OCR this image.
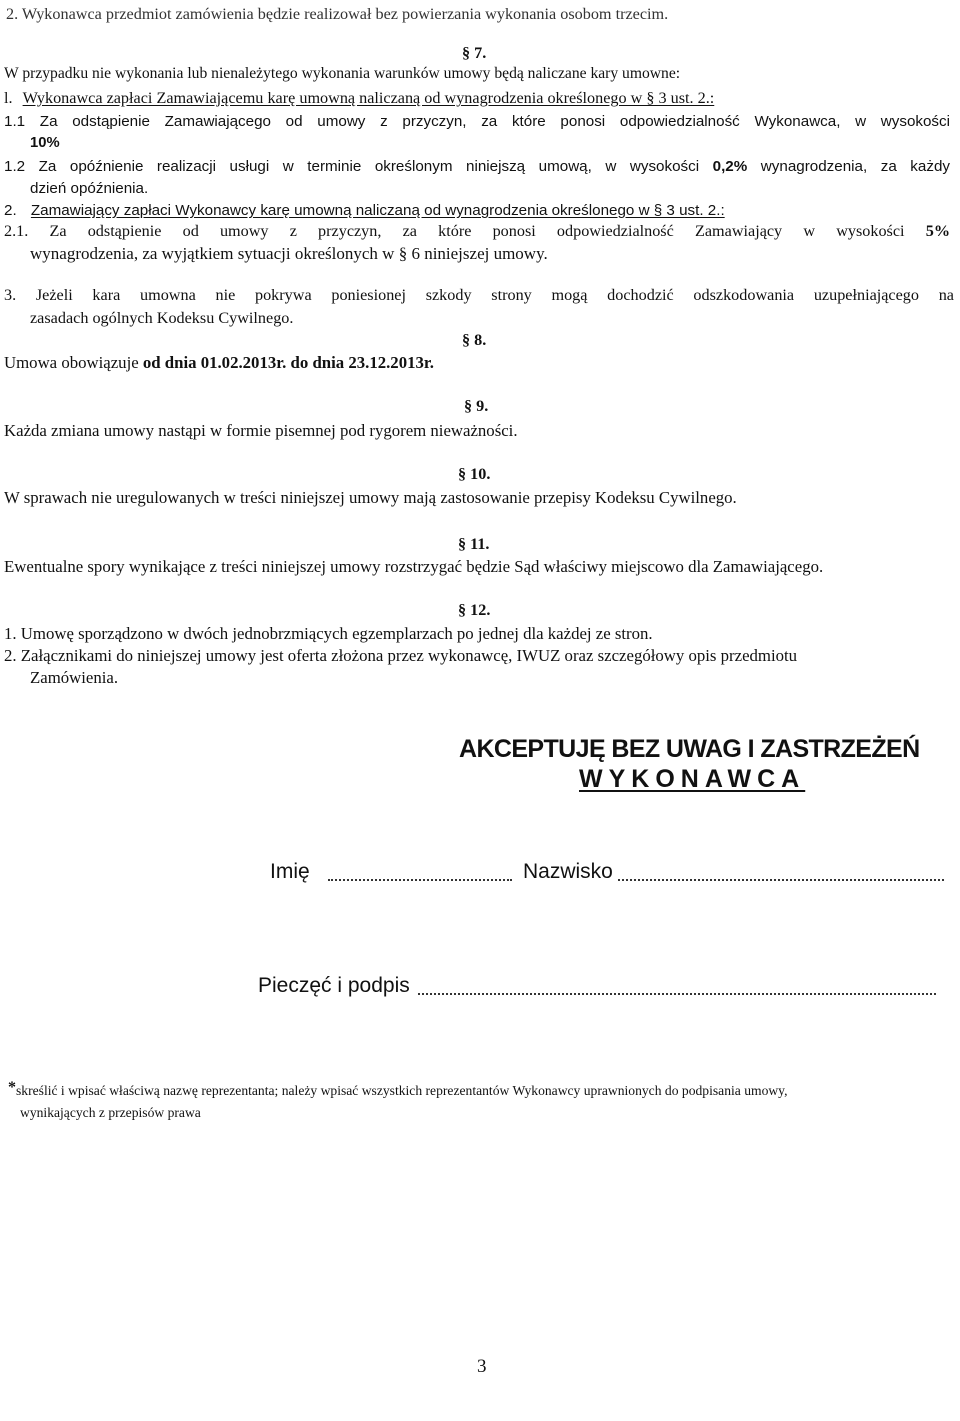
2. Wykonawca przedmiot zamówienia będzie realizował bez powierzania wykonania osobom trzecim.
§ 7.
W przypadku nie wykonania lub nienależytego wykonania warunków umowy będą naliczane kary umowne:
l. Wykonawca zapłaci Zamawiającemu karę umowną naliczaną od wynagrodzenia określonego w § 3 ust. 2.:
1.1 Za odstąpienie Zamawiającego od umowy z przyczyn, za które ponosi odpowiedzialność Wykonawca, w wysokości
10%
1.2 Za opóźnienie realizacji usługi w terminie określonym niniejszą umową, w wysokości 0,2% wynagrodzenia, za każdy
dzień opóźnienia.
2. Zamawiający zapłaci Wykonawcy karę umowną naliczaną od wynagrodzenia określonego w § 3 ust. 2.:
2.1. Za odstąpienie od umowy z przyczyn, za które ponosi odpowiedzialność Zamawiający w wysokości 5%
wynagrodzenia, za wyjątkiem sytuacji określonych w § 6 niniejszej umowy.
3. Jeżeli kara umowna nie pokrywa poniesionej szkody strony mogą dochodzić odszkodowania uzupełniającego na
zasadach ogólnych Kodeksu Cywilnego.
§ 8.
Umowa obowiązuje od dnia 01.02.2013r. do dnia 23.12.2013r.
§ 9.
Każda zmiana umowy nastąpi w formie pisemnej pod rygorem nieważności.
§ 10.
W sprawach nie uregulowanych w treści niniejszej umowy mają zastosowanie przepisy Kodeksu Cywilnego.
§ 11.
Ewentualne spory wynikające z treści niniejszej umowy rozstrzygać będzie Sąd właściwy miejscowo dla Zamawiającego.
§ 12.
1. Umowę sporządzono w dwóch jednobrzmiących egzemplarzach po jednej dla każdej ze stron.
2. Załącznikami do niniejszej umowy jest oferta złożona przez wykonawcę, IWUZ oraz szczegółowy opis przedmiotu
Zamówienia.
AKCEPTUJĘ BEZ UWAG I ZASTRZEŻEŃ
WYKONAWCA
Imię	Nazwisko
Pieczęć i podpis
*skreślić i wpisać właściwą nazwę reprezentanta; należy wpisać wszystkich reprezentantów Wykonawcy uprawnionych do podpisania umowy,
wynikających z przepisów prawa
3
